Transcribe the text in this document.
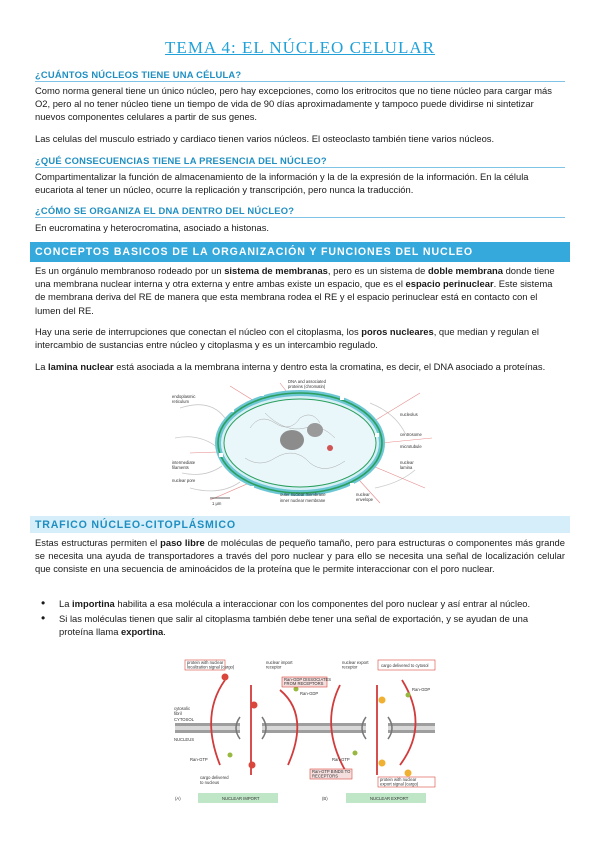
TEMA 4: EL NÚCLEO CELULAR
¿CUÁNTOS NÚCLEOS TIENE UNA CÉLULA?

Como norma general tiene un único núcleo, pero hay excepciones, como los eritrocitos que no tiene núcleo para cargar más O2, pero al no tener núcleo tiene un tiempo de vida de 90 días aproximadamente y tampoco puede dividirse ni sintetizar nuevos componentes celulares a partir de sus genes.

Las celulas del musculo estriado y cardiaco tienen varios núcleos. El osteoclasto también tiene varios núcleos.

¿QUÉ CONSECUENCIAS TIENE LA PRESENCIA DEL NÚCLEO?

Compartimentalizar la función de almacenamiento de la información y la de la expresión de la información. En la célula eucariota al tener un núcleo, ocurre la replicación y transcripción, pero nunca la traducción.

¿CÓMO SE ORGANIZA EL DNA DENTRO DEL NÚCLEO?

En eucromatina y heterocromatina, asociado a histonas.

CONCEPTOS BASICOS DE LA ORGANIZACIÓN Y FUNCIONES DEL NUCLEO

Es un orgánulo membranoso rodeado por un sistema de membranas, pero es un sistema de doble membrana donde tiene una membrana nuclear interna y otra externa y entre ambas existe un espacio, que es el espacio perinuclear. Este sistema de membrana deriva del RE de manera que esta membrana rodea el RE y el espacio perinuclear está en contacto con el lumen del RE.

Hay una serie de interrupciones que conectan el núcleo con el citoplasma, los poros nucleares, que median y regulan el intercambio de sustancias entre núcleo y citoplasma y es un intercambio regulado.

La lamina nuclear está asociada a la membrana interna y dentro esta la cromatina, es decir, el DNA asociado a proteínas.

DNA and associated
proteins (chromatin)
endoplasmic
reticulum
nucleolus
centrosome
microtubule
nuclear
lamina
intermediate
filaments
nuclear pore
outer nuclear membrane
inner nuclear membrane
nuclear
envelope
1 μm
TRAFICO NÚCLEO-CITOPLÁSMICO

Estas estructuras permiten el paso libre de moléculas de pequeño tamaño, pero para estructuras o componentes más grande se necesita una ayuda de transportadores a través del poro nuclear y para ello se necesita una señal de localización celular que consiste en una secuencia de aminoácidos de la proteína que le permite interaccionar con el poro nuclear.

• La importina habilita a esa molécula a interaccionar con los componentes del poro nuclear y así entrar al núcleo.
• Si las moléculas tienen que salir al citoplasma también debe tener una señal de exportación, y se ayudan de una proteína llama exportina.
protein with nuclear
localization signal (cargo)
nuclear import
receptor
Ran-GDP DISSOCIATES
FROM RECEPTORS
Ran-GDP
cytosolic
fibril
CYTOSOL
NUCLEUS
Ran-GTP
cargo delivered
to nucleus
(A)	NUCLEAR IMPORT
nuclear export
receptor	cargo delivered to cytosol
Ran-GDP
Ran-GTP
Ran-GTP BINDS TO
RECEPTORS
protein with nuclear
export signal (cargo)
(B)	NUCLEAR EXPORT
